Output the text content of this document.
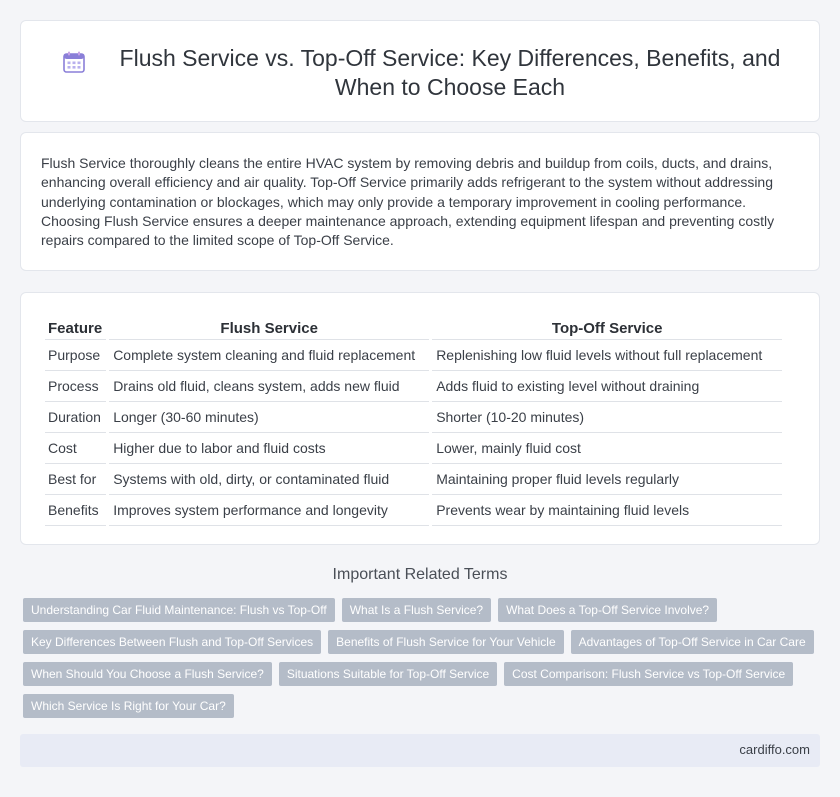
Flush Service vs. Top-Off Service: Key Differences, Benefits, and When to Choose Each

Flush Service thoroughly cleans the entire HVAC system by removing debris and buildup from coils, ducts, and drains, enhancing overall efficiency and air quality. Top-Off Service primarily adds refrigerant to the system without addressing underlying contamination or blockages, which may only provide a temporary improvement in cooling performance. Choosing Flush Service ensures a deeper maintenance approach, extending equipment lifespan and preventing costly repairs compared to the limited scope of Top-Off Service.

Feature	Flush Service	Top-Off Service
Purpose	Complete system cleaning and fluid replacement	Replenishing low fluid levels without full replacement
Process	Drains old fluid, cleans system, adds new fluid	Adds fluid to existing level without draining
Duration	Longer (30-60 minutes)	Shorter (10-20 minutes)
Cost	Higher due to labor and fluid costs	Lower, mainly fluid cost
Best for	Systems with old, dirty, or contaminated fluid	Maintaining proper fluid levels regularly
Benefits	Improves system performance and longevity	Prevents wear by maintaining fluid levels
Important Related Terms
Understanding Car Fluid Maintenance: Flush vs Top-Off	What Is a Flush Service?	What Does a Top-Off Service Involve?
Key Differences Between Flush and Top-Off Services	Benefits of Flush Service for Your Vehicle	Advantages of Top-Off Service in Car Care
When Should You Choose a Flush Service?	Situations Suitable for Top-Off Service	Cost Comparison: Flush Service vs Top-Off Service
Which Service Is Right for Your Car?
cardiffo.com
